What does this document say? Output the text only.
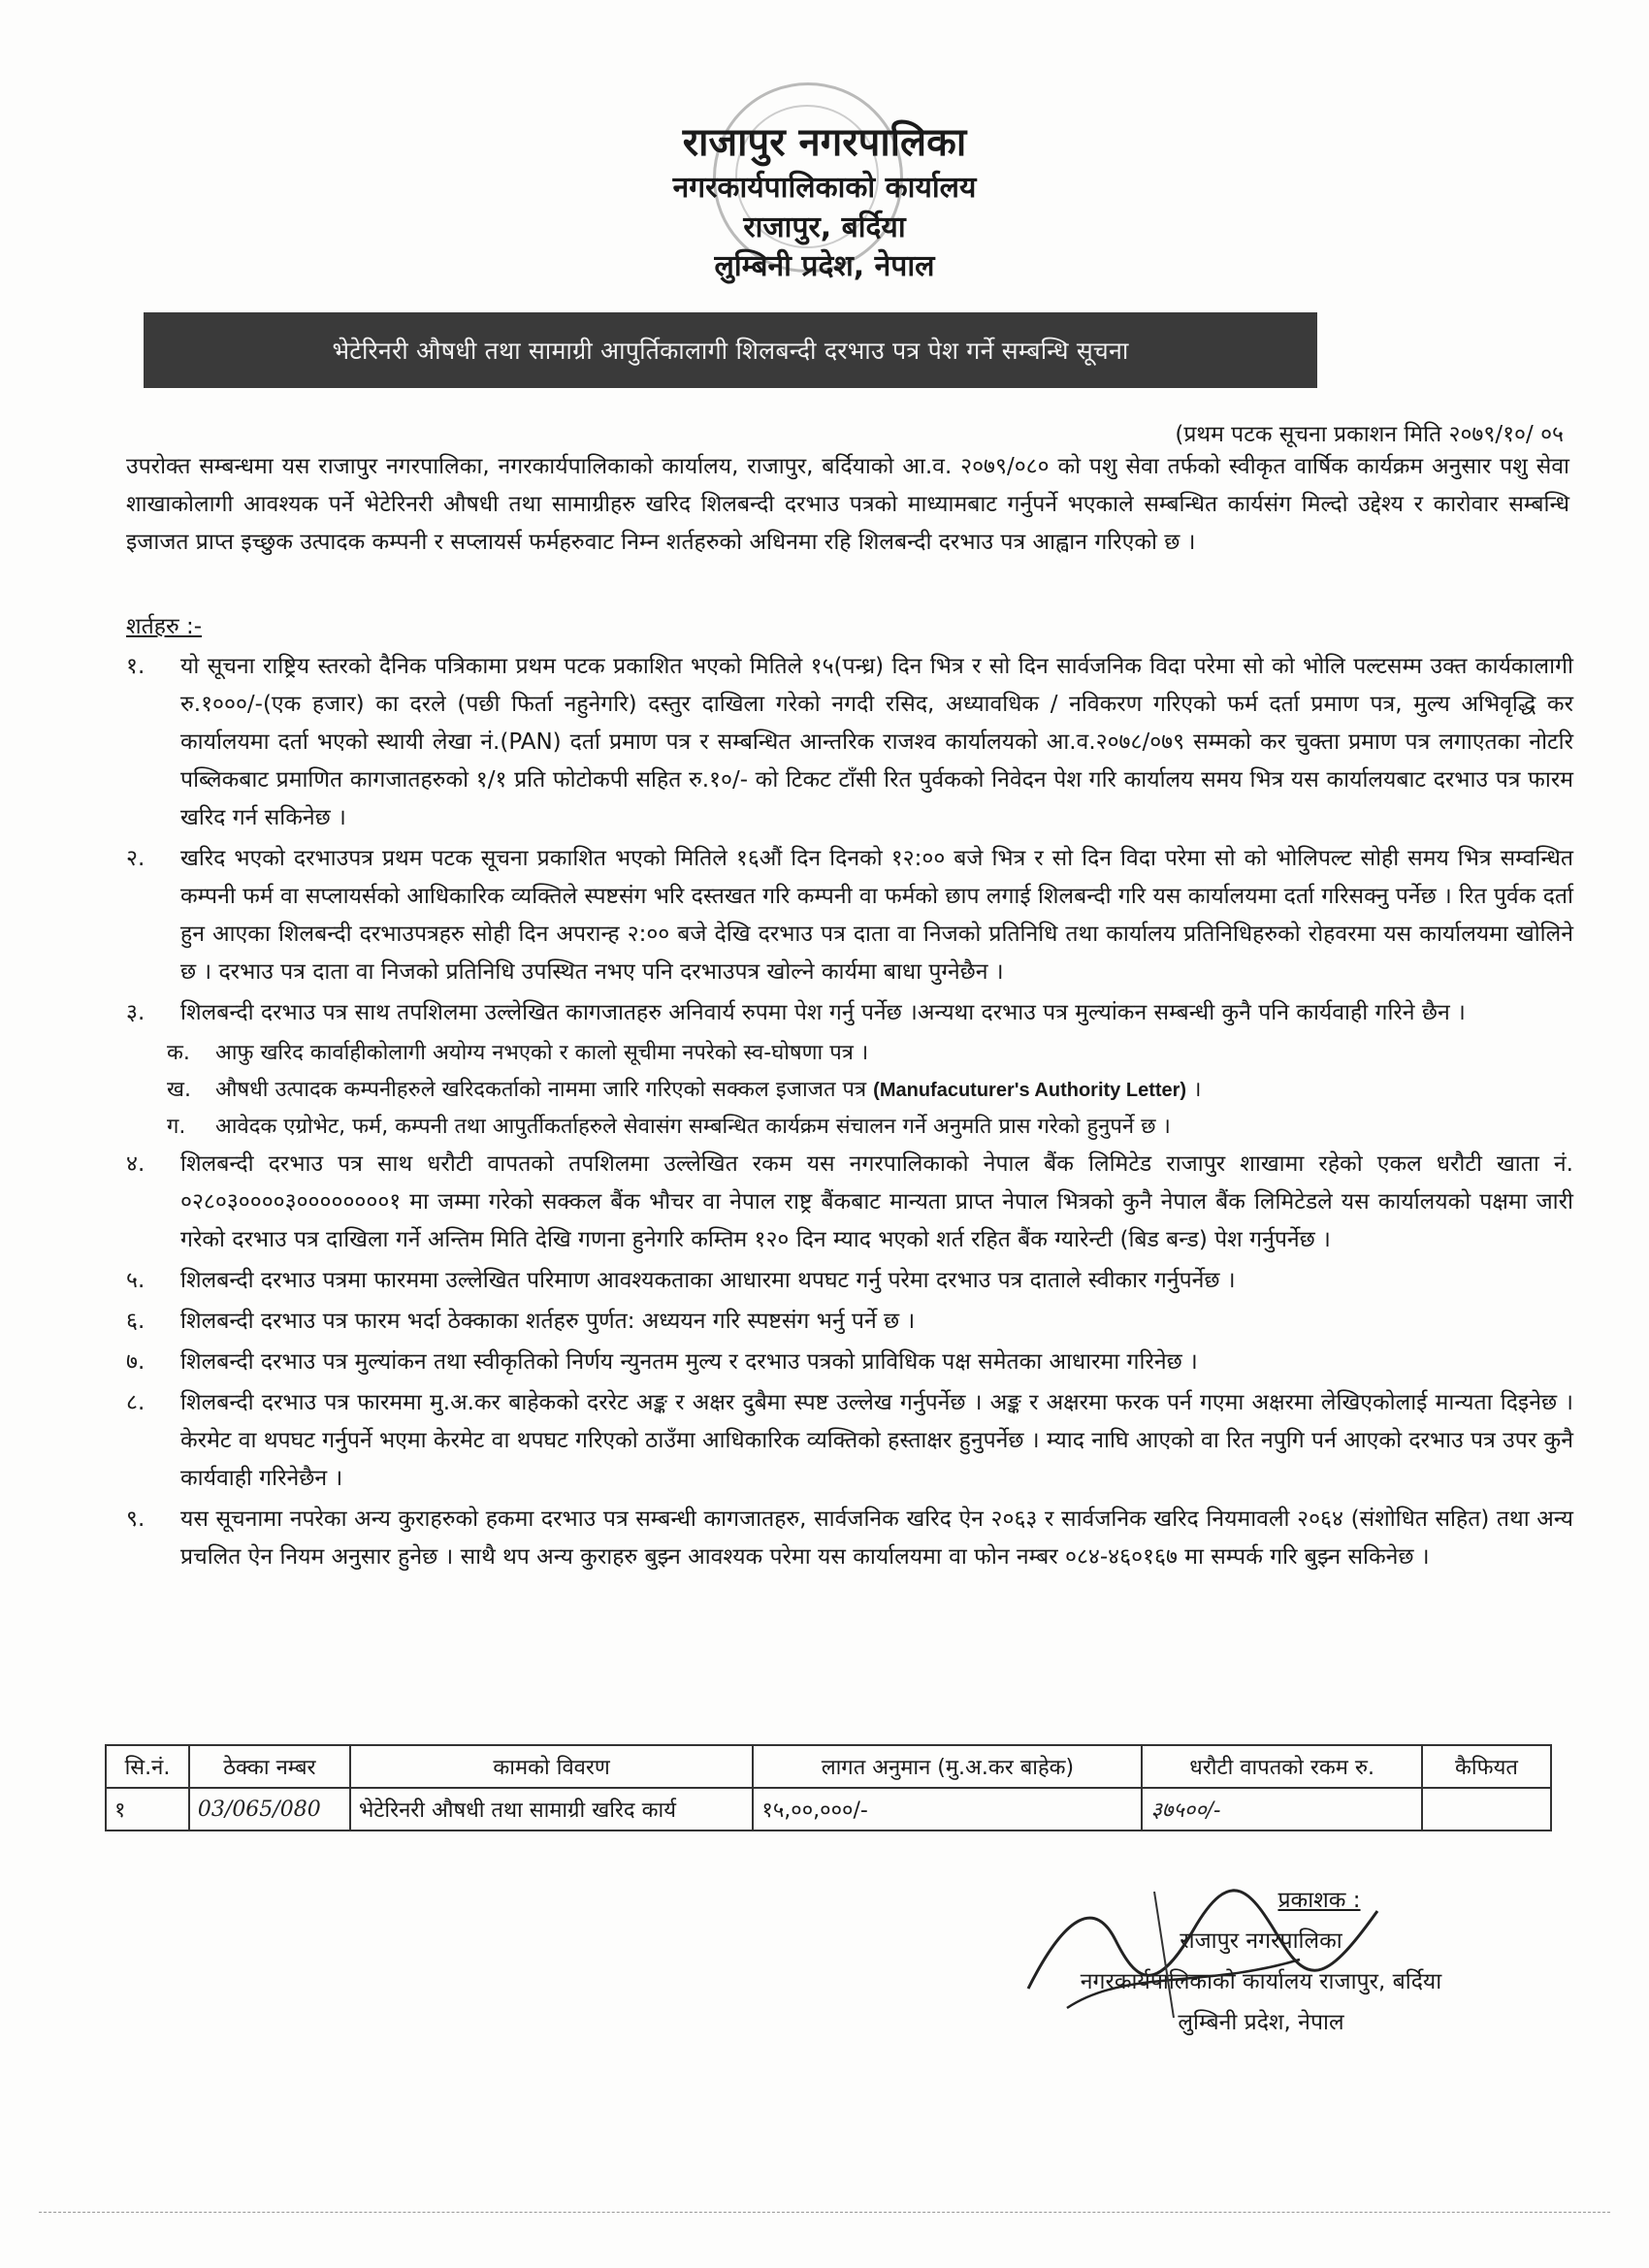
राजापुर नगरपालिका
नगरकार्यपालिकाको कार्यालय
राजापुर, बर्दिया
लुम्बिनी प्रदेश, नेपाल
भेटेरिनरी औषधी तथा सामाग्री आपुर्तिकालागी शिलबन्दी दरभाउ पत्र पेश गर्ने सम्बन्धि सूचना
(प्रथम पटक सूचना प्रकाशन मिति २०७९/१०/ ०५
उपरोक्त सम्बन्धमा यस राजापुर नगरपालिका, नगरकार्यपालिकाको कार्यालय, राजापुर, बर्दियाको आ.व. २०७९/०८० को पशु सेवा तर्फको स्वीकृत वार्षिक कार्यक्रम अनुसार पशु सेवा शाखाकोलागी आवश्यक पर्ने भेटेरिनरी औषधी तथा सामाग्रीहरु खरिद शिलबन्दी दरभाउ पत्रको माध्यामबाट गर्नुपर्ने भएकाले सम्बन्धित कार्यसंग मिल्दो उद्देश्य र कारोवार सम्बन्धि इजाजत प्राप्त इच्छुक उत्पादक कम्पनी र सप्लायर्स फर्महरुवाट निम्न शर्तहरुको अधिनमा रहि शिलबन्दी दरभाउ पत्र आह्वान गरिएको छ ।
शर्तहरु :-
१.	यो सूचना राष्ट्रिय स्तरको दैनिक पत्रिकामा प्रथम पटक प्रकाशित भएको मितिले १५(पन्ध्र) दिन भित्र र सो दिन सार्वजनिक विदा परेमा सो को भोलि पल्टसम्म उक्त कार्यकालागी रु.१०००/-(एक हजार) का दरले (पछी फिर्ता नहुनेगरि) दस्तुर दाखिला गरेको नगदी रसिद, अध्यावधिक / नविकरण गरिएको फर्म दर्ता प्रमाण पत्र, मुल्य अभिवृद्धि कर कार्यालयमा दर्ता भएको स्थायी लेखा नं.(PAN) दर्ता प्रमाण पत्र र सम्बन्धित आन्तरिक राजश्व कार्यालयको आ.व.२०७८/०७९ सम्मको कर चुक्ता प्रमाण पत्र लगाएतका नोटरि पब्लिकबाट प्रमाणित कागजातहरुको १/१ प्रति फोटोकपी सहित रु.१०/- को टिकट टाँसी रित पुर्वकको निवेदन पेश गरि कार्यालय समय भित्र यस कार्यालयबाट दरभाउ पत्र फारम खरिद गर्न सकिनेछ ।
२.	खरिद भएको दरभाउपत्र प्रथम पटक सूचना प्रकाशित भएको मितिले १६औं दिन दिनको १२:०० बजे भित्र र सो दिन विदा परेमा सो को भोलिपल्ट सोही समय भित्र सम्वन्धित कम्पनी फर्म वा सप्लायर्सको आधिकारिक व्यक्तिले स्पष्टसंग भरि दस्तखत गरि कम्पनी वा फर्मको छाप लगाई शिलबन्दी गरि यस कार्यालयमा दर्ता गरिसक्नु पर्नेछ । रित पुर्वक दर्ता हुन आएका शिलबन्दी दरभाउपत्रहरु सोही दिन अपरान्ह २:०० बजे देखि दरभाउ पत्र दाता वा निजको प्रतिनिधि तथा कार्यालय प्रतिनिधिहरुको रोहवरमा यस कार्यालयमा खोलिने छ । दरभाउ पत्र दाता वा निजको प्रतिनिधि उपस्थित नभए पनि दरभाउपत्र खोल्ने कार्यमा बाधा पुग्नेछैन ।
३.	शिलबन्दी दरभाउ पत्र साथ तपशिलमा उल्लेखित कागजातहरु अनिवार्य रुपमा पेश गर्नु पर्नेछ ।अन्यथा दरभाउ पत्र मुल्यांकन सम्बन्धी कुनै पनि कार्यवाही गरिने छैन ।
क.	आफु खरिद कार्वाहीकोलागी अयोग्य नभएको र कालो सूचीमा नपरेको स्व-घोषणा पत्र ।
ख.	औषधी उत्पादक कम्पनीहरुले खरिदकर्ताको नाममा जारि गरिएको सक्कल इजाजत पत्र (Manufacuturer's Authority Letter) ।
ग.	आवेदक एग्रोभेट, फर्म, कम्पनी तथा आपुर्तीकर्ताहरुले सेवासंग सम्बन्धित कार्यक्रम संचालन गर्ने अनुमति प्रास गरेको हुनुपर्ने छ ।
४.	शिलबन्दी दरभाउ पत्र साथ धरौटी वापतको तपशिलमा उल्लेखित रकम यस नगरपालिकाको नेपाल बैंक लिमिटेड राजापुर शाखामा रहेको एकल धरौटी खाता नं. ०२८०३००००३००००००००१ मा जम्मा गरेको सक्कल बैंक भौचर वा नेपाल राष्ट्र बैंकबाट मान्यता प्राप्त नेपाल भित्रको कुनै नेपाल बैंक लिमिटेडले यस कार्यालयको पक्षमा जारी गरेको दरभाउ पत्र दाखिला गर्ने अन्तिम मिति देखि गणना हुनेगरि कम्तिम १२० दिन म्याद भएको शर्त रहित बैंक ग्यारेन्टी (बिड बन्ड) पेश गर्नुपर्नेछ ।
५.	शिलबन्दी दरभाउ पत्रमा फारममा उल्लेखित परिमाण आवश्यकताका आधारमा थपघट गर्नु परेमा दरभाउ पत्र दाताले स्वीकार गर्नुपर्नेछ ।
६.	शिलबन्दी दरभाउ पत्र फारम भर्दा ठेक्काका शर्तहरु पुर्णत: अध्ययन गरि स्पष्टसंग भर्नु पर्ने छ ।
७.	शिलबन्दी दरभाउ पत्र मुल्यांकन तथा स्वीकृतिको निर्णय न्युनतम मुल्य र दरभाउ पत्रको प्राविधिक पक्ष समेतका आधारमा गरिनेछ ।
८.	शिलबन्दी दरभाउ पत्र फारममा मु.अ.कर बाहेकको दररेट अङ्क र अक्षर दुबैमा स्पष्ट उल्लेख गर्नुपर्नेछ । अङ्क र अक्षरमा फरक पर्न गएमा अक्षरमा लेखिएकोलाई मान्यता दिइनेछ । केरमेट वा थपघट गर्नुपर्ने भएमा केरमेट वा थपघट गरिएको ठाउँमा आधिकारिक व्यक्तिको हस्ताक्षर हुनुपर्नेछ । म्याद नाघि आएको वा रित नपुगि पर्न आएको दरभाउ पत्र उपर कुनै कार्यवाही गरिनेछैन ।
९.	यस सूचनामा नपरेका अन्य कुराहरुको हकमा दरभाउ पत्र सम्बन्धी कागजातहरु, सार्वजनिक खरिद ऐन २०६३ र सार्वजनिक खरिद नियमावली २०६४ (संशोधित सहित) तथा अन्य प्रचलित ऐन नियम अनुसार हुनेछ । साथै थप अन्य कुराहरु बुझ्न आवश्यक परेमा यस कार्यालयमा वा फोन नम्बर ०८४-४६०१६७ मा सम्पर्क गरि बुझ्न सकिनेछ ।
सि.नं.	ठेक्का नम्बर	कामको विवरण	लागत अनुमान (मु.अ.कर बाहेक)	धरौटी वापतको रकम रु.	कैफियत
१	03/065/080	भेटेरिनरी औषधी तथा सामाग्री खरिद कार्य	१५,००,०००/-	३७५००/-	
प्रकाशक :
राजापुर नगरपालिका
नगरकार्यपालिकाको कार्यालय राजापुर, बर्दिया
लुम्बिनी प्रदेश, नेपाल
